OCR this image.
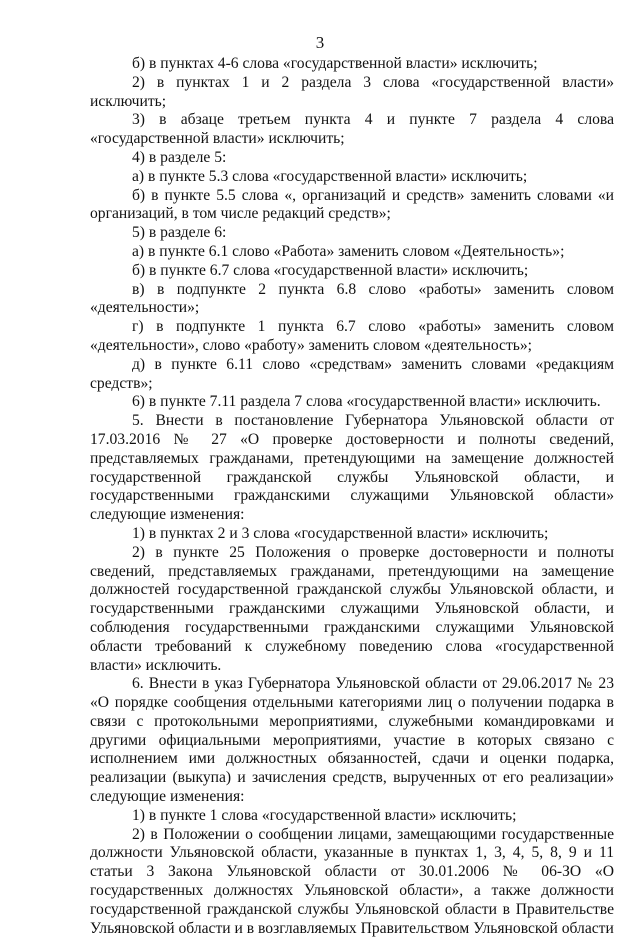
3

б) в пунктах 4-6 слова «государственной власти» исключить;

2) в пунктах 1 и 2 раздела 3 слова «государственной власти» исключить;

3) в абзаце третьем пункта 4 и пункте 7 раздела 4 слова «государственной власти» исключить;

4) в разделе 5:

а) в пункте 5.3 слова «государственной власти» исключить;

б) в пункте 5.5 слова «, организаций и средств» заменить словами «и организаций, в том числе редакций средств»;

5) в разделе 6:

а) в пункте 6.1 слово «Работа» заменить словом «Деятельность»;

б) в пункте 6.7 слова «государственной власти» исключить;

в) в подпункте 2 пункта 6.8 слово «работы» заменить словом «деятельности»;

г) в подпункте 1 пункта 6.7 слово «работы» заменить словом «деятельности», слово «работу» заменить словом «деятельность»;

д) в пункте 6.11 слово «средствам» заменить словами «редакциям средств»;

6) в пункте 7.11 раздела 7 слова «государственной власти» исключить.

5. Внести в постановление Губернатора Ульяновской области от 17.03.2016 № 27 «О проверке достоверности и полноты сведений, представляемых гражданами, претендующими на замещение должностей государственной гражданской службы Ульяновской области, и государственными гражданскими служащими Ульяновской области» следующие изменения:

1) в пунктах 2 и 3 слова «государственной власти» исключить;

2) в пункте 25 Положения о проверке достоверности и полноты сведений, представляемых гражданами, претендующими на замещение должностей государственной гражданской службы Ульяновской области, и государственными гражданскими служащими Ульяновской области, и соблюдения государственными гражданскими служащими Ульяновской области требований к служебному поведению слова «государственной власти» исключить.

6. Внести в указ Губернатора Ульяновской области от 29.06.2017 № 23 «О порядке сообщения отдельными категориями лиц о получении подарка в связи с протокольными мероприятиями, служебными командировками и другими официальными мероприятиями, участие в которых связано с исполнением ими должностных обязанностей, сдачи и оценки подарка, реализации (выкупа) и зачисления средств, вырученных от его реализации» следующие изменения:

1) в пункте 1 слова «государственной власти» исключить;

2) в Положении о сообщении лицами, замещающими государственные должности Ульяновской области, указанные в пунктах 1, 3, 4, 5, 8, 9 и 11 статьи 3 Закона Ульяновской области от 30.01.2006 № 06-ЗО «О государственных должностях Ульяновской области», а также должности государственной гражданской службы Ульяновской области в Правительстве Ульяновской области и в возглавляемых Правительством Ульяновской области
